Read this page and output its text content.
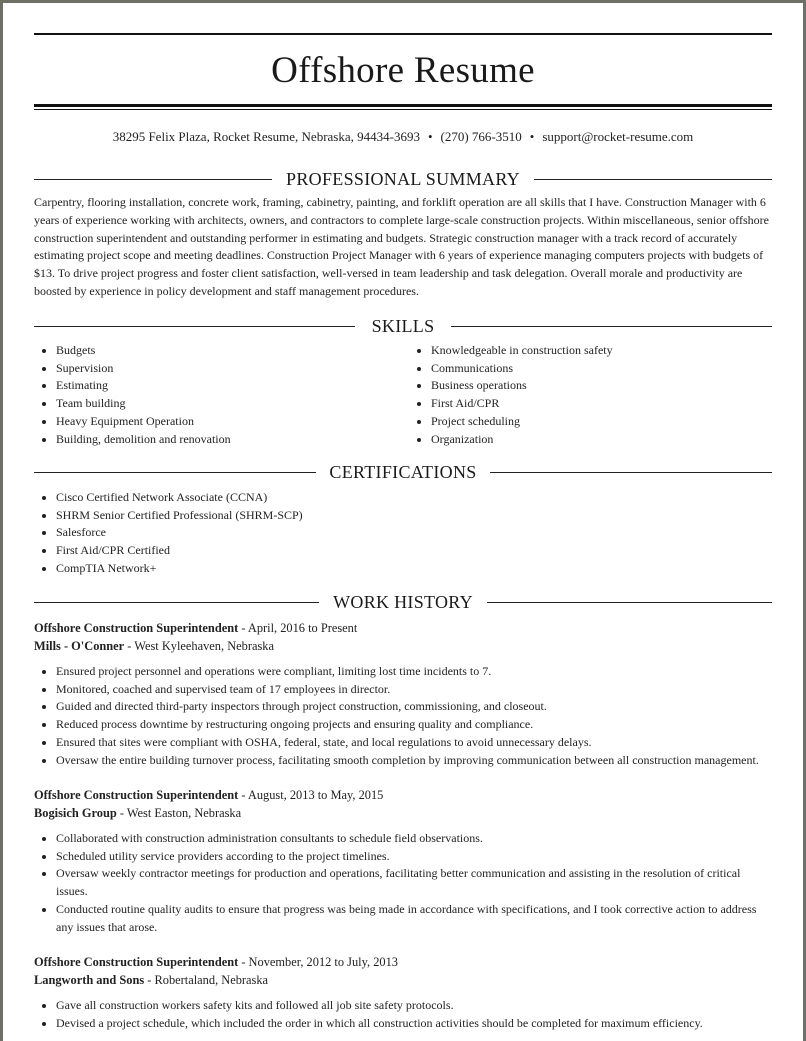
Offshore Resume
38295 Felix Plaza, Rocket Resume, Nebraska, 94434-3693 • (270) 766-3510 • support@rocket-resume.com
PROFESSIONAL SUMMARY
Carpentry, flooring installation, concrete work, framing, cabinetry, painting, and forklift operation are all skills that I have. Construction Manager with 6 years of experience working with architects, owners, and contractors to complete large-scale construction projects. Within miscellaneous, senior offshore construction superintendent and outstanding performer in estimating and budgets. Strategic construction manager with a track record of accurately estimating project scope and meeting deadlines. Construction Project Manager with 6 years of experience managing computers projects with budgets of $13. To drive project progress and foster client satisfaction, well-versed in team leadership and task delegation. Overall morale and productivity are boosted by experience in policy development and staff management procedures.
SKILLS
Budgets
Supervision
Estimating
Team building
Heavy Equipment Operation
Building, demolition and renovation
Knowledgeable in construction safety
Communications
Business operations
First Aid/CPR
Project scheduling
Organization
CERTIFICATIONS
Cisco Certified Network Associate (CCNA)
SHRM Senior Certified Professional (SHRM-SCP)
Salesforce
First Aid/CPR Certified
CompTIA Network+
WORK HISTORY
Offshore Construction Superintendent - April, 2016 to Present
Mills - O'Conner - West Kyleehaven, Nebraska
Ensured project personnel and operations were compliant, limiting lost time incidents to 7.
Monitored, coached and supervised team of 17 employees in director.
Guided and directed third-party inspectors through project construction, commissioning, and closeout.
Reduced process downtime by restructuring ongoing projects and ensuring quality and compliance.
Ensured that sites were compliant with OSHA, federal, state, and local regulations to avoid unnecessary delays.
Oversaw the entire building turnover process, facilitating smooth completion by improving communication between all construction management.
Offshore Construction Superintendent - August, 2013 to May, 2015
Bogisich Group - West Easton, Nebraska
Collaborated with construction administration consultants to schedule field observations.
Scheduled utility service providers according to the project timelines.
Oversaw weekly contractor meetings for production and operations, facilitating better communication and assisting in the resolution of critical issues.
Conducted routine quality audits to ensure that progress was being made in accordance with specifications, and I took corrective action to address any issues that arose.
Offshore Construction Superintendent - November, 2012 to July, 2013
Langworth and Sons - Robertaland, Nebraska
Gave all construction workers safety kits and followed all job site safety protocols.
Devised a project schedule, which included the order in which all construction activities should be completed for maximum efficiency.
